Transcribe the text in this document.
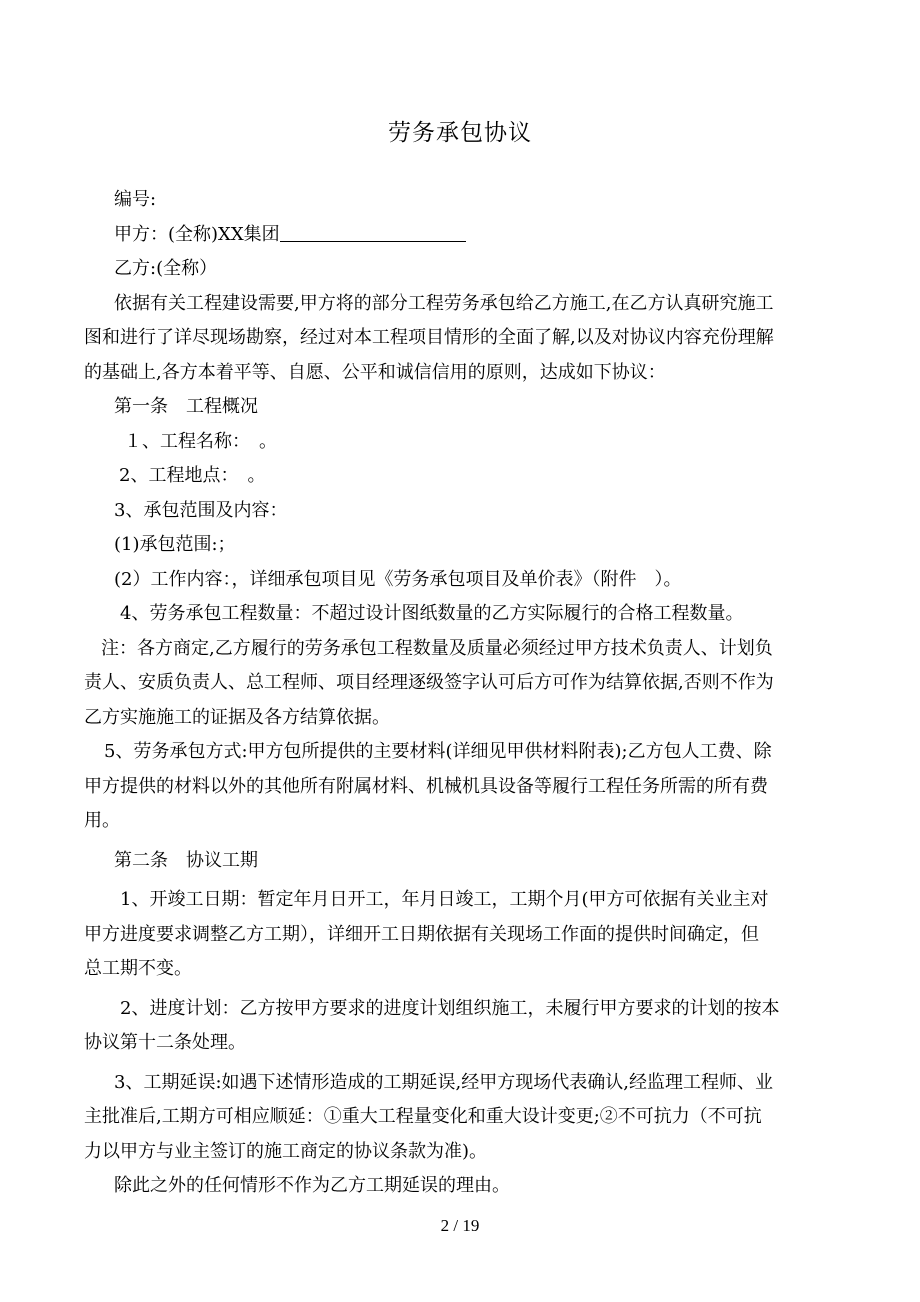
劳务承包协议
编号:
甲方：(全称)XX集团
乙方:(全称）
依据有关工程建设需要,甲方将的部分工程劳务承包给乙方施工,在乙方认真研究施工
图和进行了详尽现场勘察，经过对本工程项目情形的全面了解,以及对协议内容充份理解
的基础上,各方本着平等、自愿、公平和诚信信用的原则，达成如下协议：
第一条　工程概况
１、工程名称：　。
2、工程地点：　。
3、承包范围及内容：
(1)承包范围:；
(2）工作内容：，详细承包项目见《劳务承包项目及单价表》（附件　）。
4、劳务承包工程数量：不超过设计图纸数量的乙方实际履行的合格工程数量。
注：各方商定,乙方履行的劳务承包工程数量及质量必须经过甲方技术负责人、计划负
责人、安质负责人、总工程师、项目经理逐级签字认可后方可作为结算依据,否则不作为
乙方实施施工的证据及各方结算依据。
5、劳务承包方式:甲方包所提供的主要材料(详细见甲供材料附表);乙方包人工费、除
甲方提供的材料以外的其他所有附属材料、机械机具设备等履行工程任务所需的所有费
用。
第二条　协议工期
1、开竣工日期：暂定年月日开工，年月日竣工，工期个月(甲方可依据有关业主对
甲方进度要求调整乙方工期），详细开工日期依据有关现场工作面的提供时间确定，但
总工期不变。
2、进度计划：乙方按甲方要求的进度计划组织施工，未履行甲方要求的计划的按本
协议第十二条处理。
3、工期延误:如遇下述情形造成的工期延误,经甲方现场代表确认,经监理工程师、业
主批准后,工期方可相应顺延：①重大工程量变化和重大设计变更;②不可抗力（不可抗
力以甲方与业主签订的施工商定的协议条款为准)。
除此之外的任何情形不作为乙方工期延误的理由。
2 / 19
